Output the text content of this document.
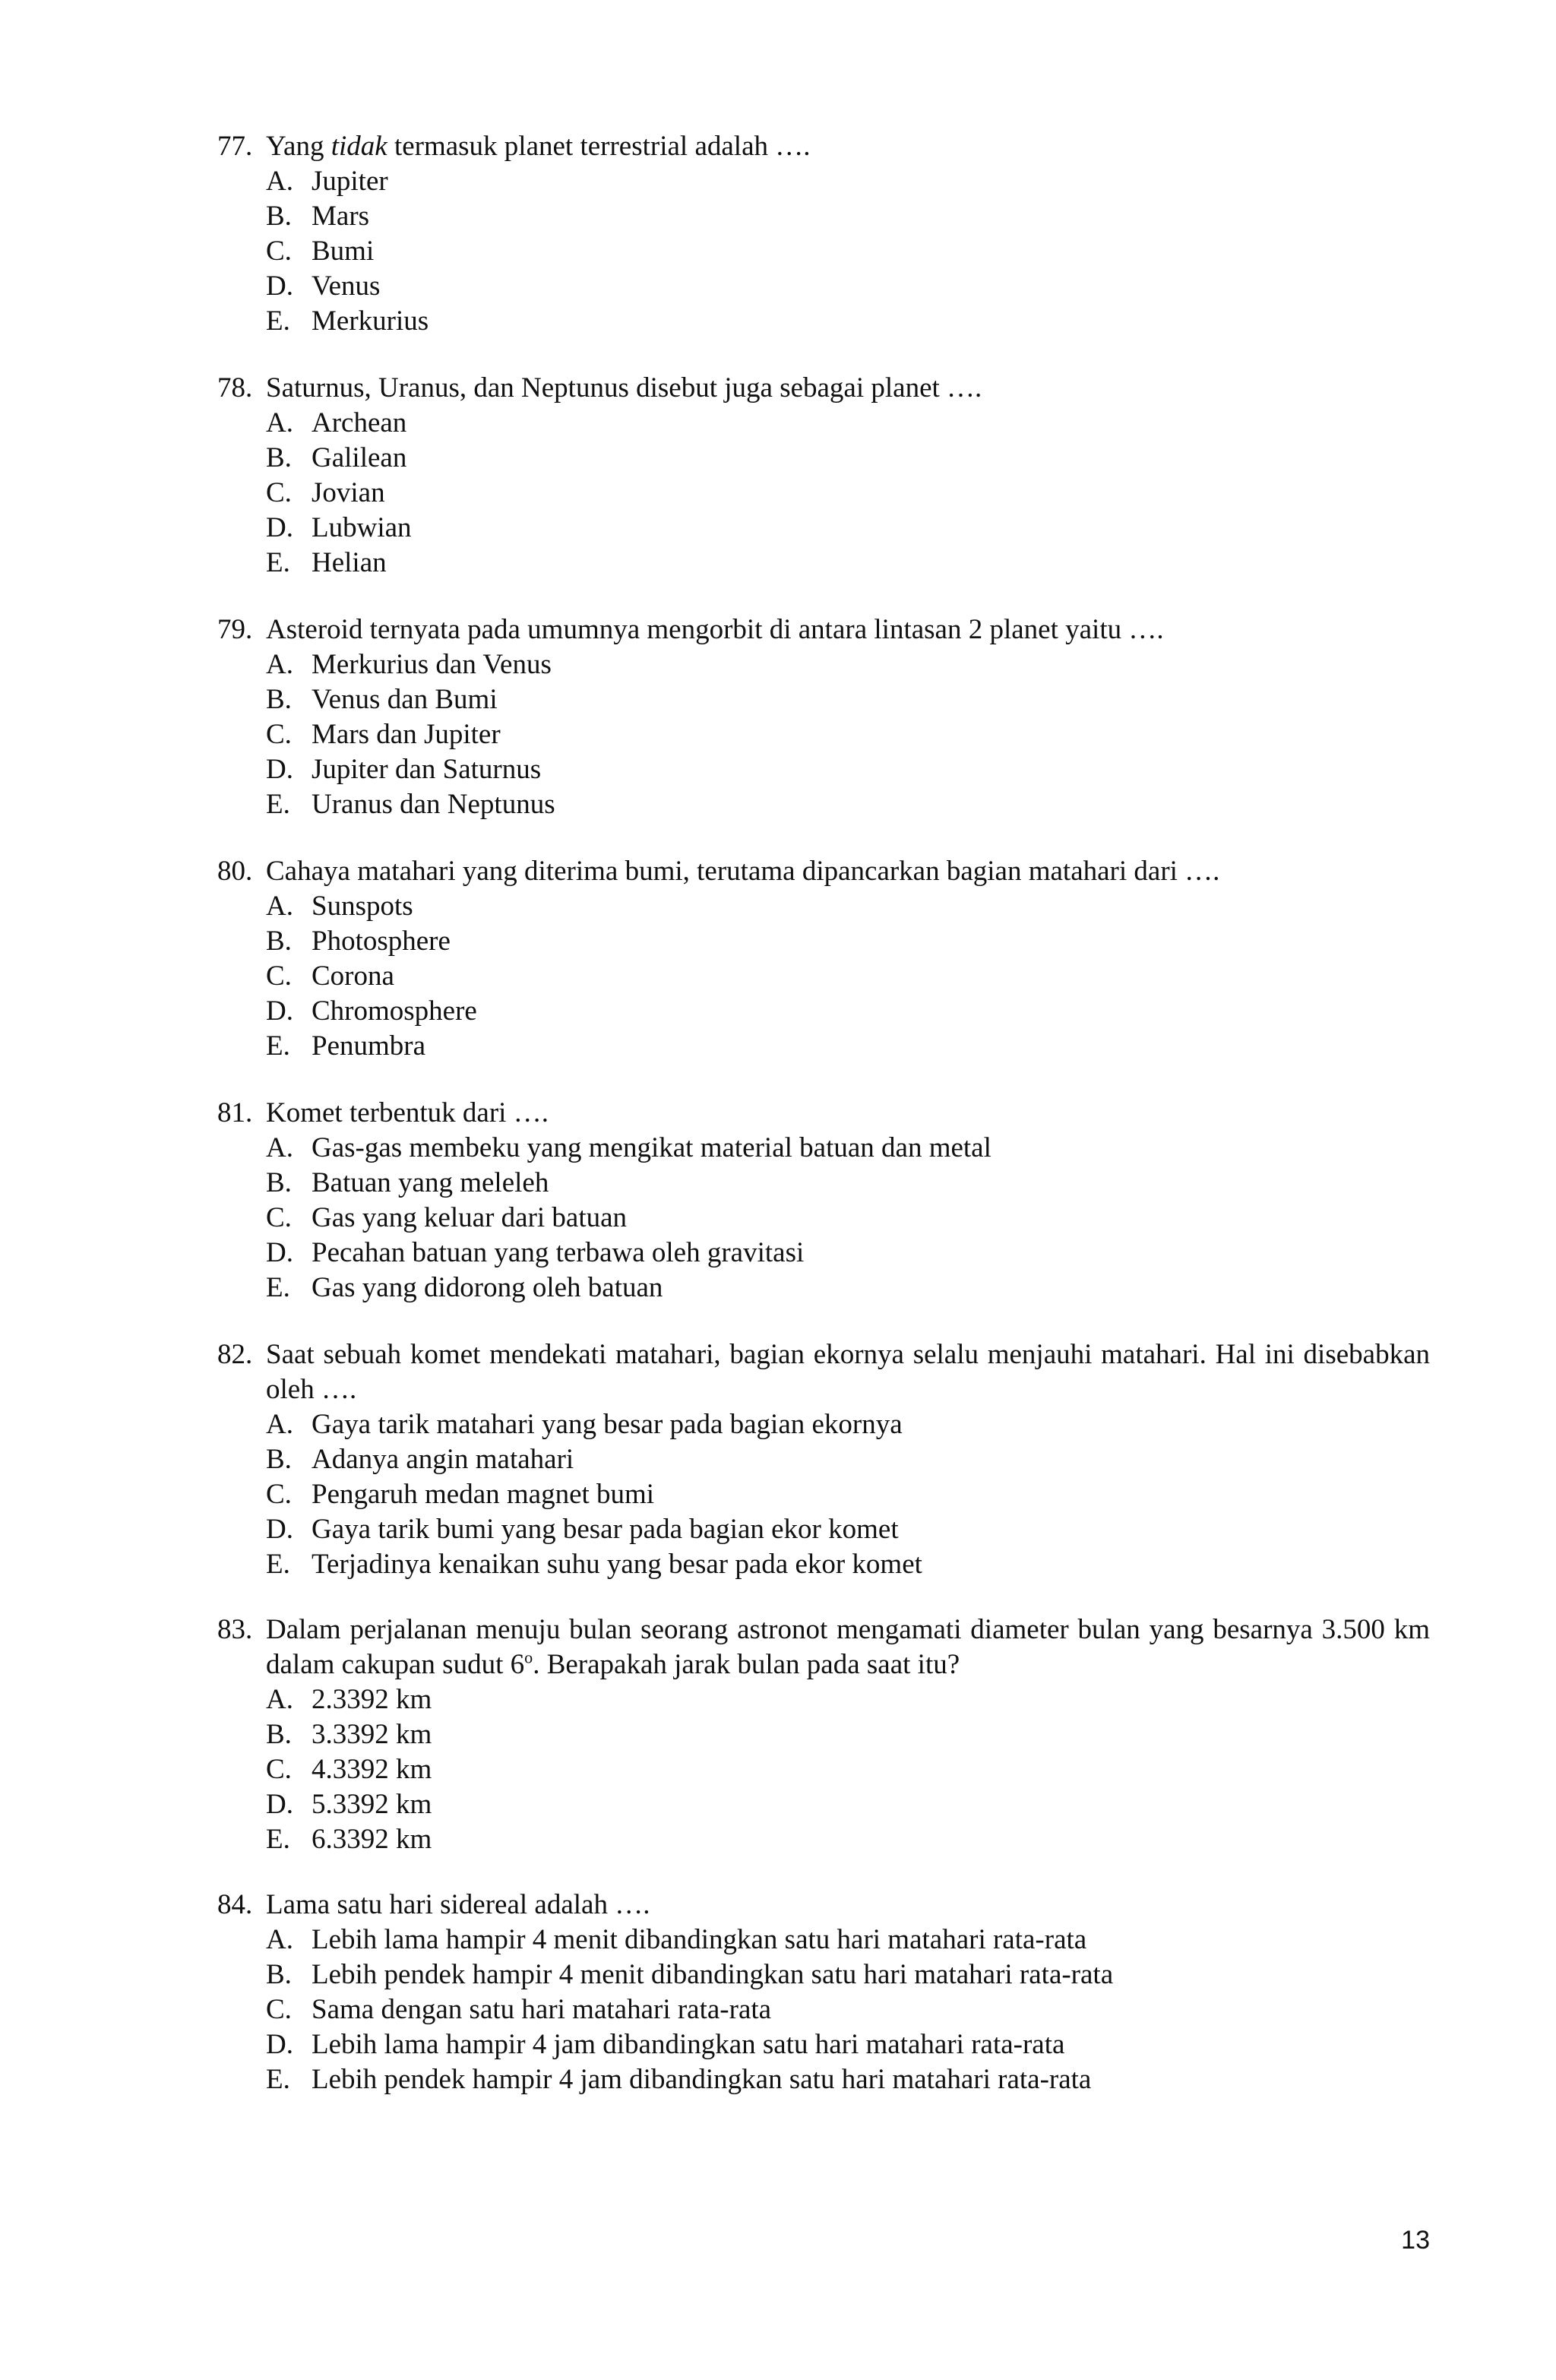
77. Yang tidak termasuk planet terrestrial adalah ….
A. Jupiter
B. Mars
C. Bumi
D. Venus
E. Merkurius
78. Saturnus, Uranus, dan Neptunus disebut juga sebagai planet ….
A. Archean
B. Galilean
C. Jovian
D. Lubwian
E. Helian
79. Asteroid ternyata pada umumnya mengorbit di antara lintasan 2 planet yaitu ….
A. Merkurius dan Venus
B. Venus dan Bumi
C. Mars dan Jupiter
D. Jupiter dan Saturnus
E. Uranus dan Neptunus
80. Cahaya matahari yang diterima bumi, terutama dipancarkan bagian matahari dari ….
A. Sunspots
B. Photosphere
C. Corona
D. Chromosphere
E. Penumbra
81. Komet terbentuk dari ….
A. Gas-gas membeku yang mengikat material batuan dan metal
B. Batuan yang meleleh
C. Gas yang keluar dari batuan
D. Pecahan batuan yang terbawa oleh gravitasi
E. Gas yang didorong oleh batuan
82. Saat sebuah komet mendekati matahari, bagian ekornya selalu menjauhi matahari. Hal ini disebabkan oleh ….
A. Gaya tarik matahari yang besar pada bagian ekornya
B. Adanya angin matahari
C. Pengaruh medan magnet bumi
D. Gaya tarik bumi yang besar pada bagian ekor komet
E. Terjadinya kenaikan suhu yang besar pada ekor komet
83. Dalam perjalanan menuju bulan seorang astronot mengamati diameter bulan yang besarnya 3.500 km dalam cakupan sudut 6$^o$. Berapakah jarak bulan pada saat itu?
A. 2.3392 km
B. 3.3392 km
C. 4.3392 km
D. 5.3392 km
E. 6.3392 km
84. Lama satu hari sidereal adalah ….
A. Lebih lama hampir 4 menit dibandingkan satu hari matahari rata-rata
B. Lebih pendek hampir 4 menit dibandingkan satu hari matahari rata-rata
C. Sama dengan satu hari matahari rata-rata
D. Lebih lama hampir 4 jam dibandingkan satu hari matahari rata-rata
E. Lebih pendek hampir 4 jam dibandingkan satu hari matahari rata-rata
13
